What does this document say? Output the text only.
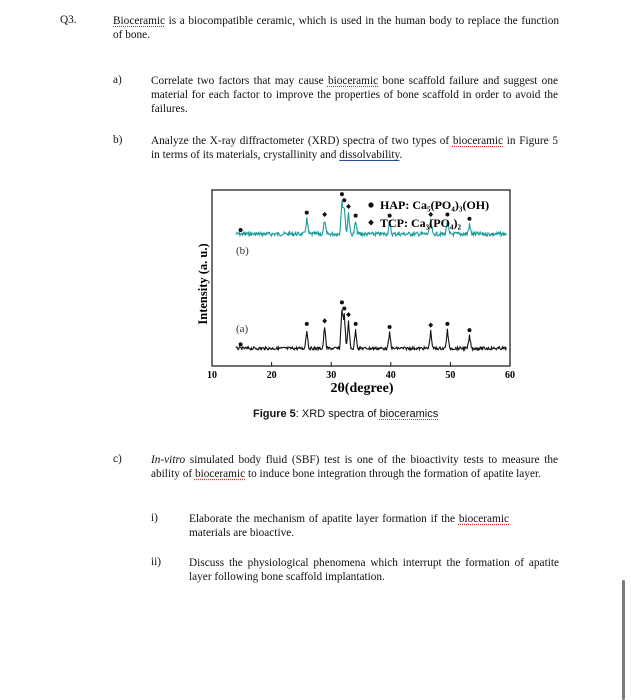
Q3.	Bioceramic is a biocompatible ceramic, which is used in the human body to replace the function of bone.
a)	Correlate two factors that may cause bioceramic bone scaffold failure and suggest one material for each factor to improve the properties of bone scaffold in order to avoid the failures.
b)	Analyze the X-ray diffractometer (XRD) spectra of two types of bioceramic in Figure 5 in terms of its materials, crystallinity and dissolvability.
10	20	30	40	50	60
HAP: Ca₅(PO₄)₃(OH)
TCP: Ca₃(PO₄)₂
(b)
(a)
2θ(degree)
Intensity (a. u.)
Figure 5: XRD spectra of bioceramics
c)	In-vitro simulated body fluid (SBF) test is one of the bioactivity tests to measure the ability of bioceramic to induce bone integration through the formation of apatite layer.
i)	Elaborate the mechanism of apatite layer formation if the bioceramic materials are bioactive.
ii) Discuss the physiological phenomena which interrupt the formation of apatite layer following bone scaffold implantation.
